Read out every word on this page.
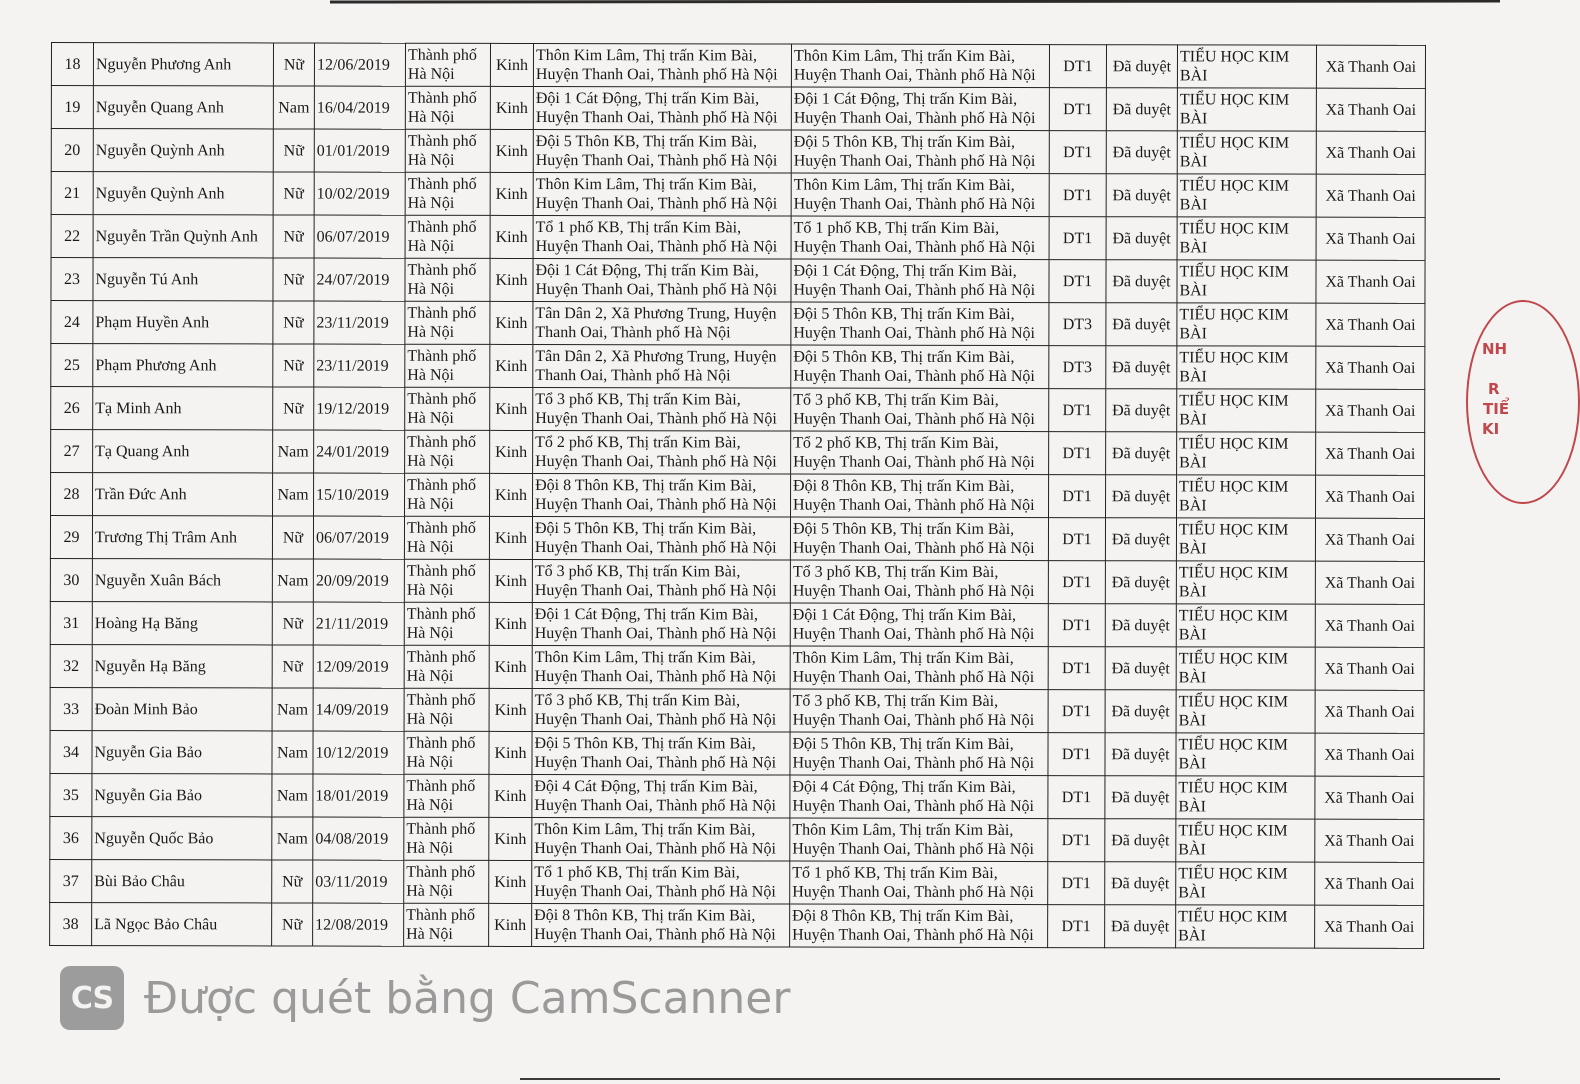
18	Nguyễn Phương Anh	Nữ	12/06/2019	Thành phố
Hà Nội	Kinh	Thôn Kim Lâm, Thị trấn Kim Bài,
Huyện Thanh Oai, Thành phố Hà Nội	Thôn Kim Lâm, Thị trấn Kim Bài,
Huyện Thanh Oai, Thành phố Hà Nội	DT1	Đã duyệt	TIỂU HỌC KIM
BÀI	Xã Thanh Oai
19	Nguyễn Quang Anh	Nam	16/04/2019	Thành phố
Hà Nội	Kinh	Đội 1 Cát Động, Thị trấn Kim Bài,
Huyện Thanh Oai, Thành phố Hà Nội	Đội 1 Cát Động, Thị trấn Kim Bài,
Huyện Thanh Oai, Thành phố Hà Nội	DT1	Đã duyệt	TIỂU HỌC KIM
BÀI	Xã Thanh Oai
20	Nguyễn Quỳnh Anh	Nữ	01/01/2019	Thành phố
Hà Nội	Kinh	Đội 5 Thôn KB, Thị trấn Kim Bài,
Huyện Thanh Oai, Thành phố Hà Nội	Đội 5 Thôn KB, Thị trấn Kim Bài,
Huyện Thanh Oai, Thành phố Hà Nội	DT1	Đã duyệt	TIỂU HỌC KIM
BÀI	Xã Thanh Oai
21	Nguyễn Quỳnh Anh	Nữ	10/02/2019	Thành phố
Hà Nội	Kinh	Thôn Kim Lâm, Thị trấn Kim Bài,
Huyện Thanh Oai, Thành phố Hà Nội	Thôn Kim Lâm, Thị trấn Kim Bài,
Huyện Thanh Oai, Thành phố Hà Nội	DT1	Đã duyệt	TIỂU HỌC KIM
BÀI	Xã Thanh Oai
22	Nguyễn Trần Quỳnh Anh	Nữ	06/07/2019	Thành phố
Hà Nội	Kinh	Tổ 1 phố KB, Thị trấn Kim Bài,
Huyện Thanh Oai, Thành phố Hà Nội	Tổ 1 phố KB, Thị trấn Kim Bài,
Huyện Thanh Oai, Thành phố Hà Nội	DT1	Đã duyệt	TIỂU HỌC KIM
BÀI	Xã Thanh Oai
23	Nguyễn Tú Anh	Nữ	24/07/2019	Thành phố
Hà Nội	Kinh	Đội 1 Cát Động, Thị trấn Kim Bài,
Huyện Thanh Oai, Thành phố Hà Nội	Đội 1 Cát Động, Thị trấn Kim Bài,
Huyện Thanh Oai, Thành phố Hà Nội	DT1	Đã duyệt	TIỂU HỌC KIM
BÀI	Xã Thanh Oai
24	Phạm Huyền Anh	Nữ	23/11/2019	Thành phố
Hà Nội	Kinh	Tân Dân 2, Xã Phương Trung, Huyện
Thanh Oai, Thành phố Hà Nội	Đội 5 Thôn KB, Thị trấn Kim Bài,
Huyện Thanh Oai, Thành phố Hà Nội	DT3	Đã duyệt	TIỂU HỌC KIM
BÀI	Xã Thanh Oai
25	Phạm Phương Anh	Nữ	23/11/2019	Thành phố
Hà Nội	Kinh	Tân Dân 2, Xã Phương Trung, Huyện
Thanh Oai, Thành phố Hà Nội	Đội 5 Thôn KB, Thị trấn Kim Bài,
Huyện Thanh Oai, Thành phố Hà Nội	DT3	Đã duyệt	TIỂU HỌC KIM
BÀI	Xã Thanh Oai
26	Tạ Minh Anh	Nữ	19/12/2019	Thành phố
Hà Nội	Kinh	Tổ 3 phố KB, Thị trấn Kim Bài,
Huyện Thanh Oai, Thành phố Hà Nội	Tổ 3 phố KB, Thị trấn Kim Bài,
Huyện Thanh Oai, Thành phố Hà Nội	DT1	Đã duyệt	TIỂU HỌC KIM
BÀI	Xã Thanh Oai
27	Tạ Quang Anh	Nam	24/01/2019	Thành phố
Hà Nội	Kinh	Tổ 2 phố KB, Thị trấn Kim Bài,
Huyện Thanh Oai, Thành phố Hà Nội	Tổ 2 phố KB, Thị trấn Kim Bài,
Huyện Thanh Oai, Thành phố Hà Nội	DT1	Đã duyệt	TIỂU HỌC KIM
BÀI	Xã Thanh Oai
28	Trần Đức Anh	Nam	15/10/2019	Thành phố
Hà Nội	Kinh	Đội 8 Thôn KB, Thị trấn Kim Bài,
Huyện Thanh Oai, Thành phố Hà Nội	Đội 8 Thôn KB, Thị trấn Kim Bài,
Huyện Thanh Oai, Thành phố Hà Nội	DT1	Đã duyệt	TIỂU HỌC KIM
BÀI	Xã Thanh Oai
29	Trương Thị Trâm Anh	Nữ	06/07/2019	Thành phố
Hà Nội	Kinh	Đội 5 Thôn KB, Thị trấn Kim Bài,
Huyện Thanh Oai, Thành phố Hà Nội	Đội 5 Thôn KB, Thị trấn Kim Bài,
Huyện Thanh Oai, Thành phố Hà Nội	DT1	Đã duyệt	TIỂU HỌC KIM
BÀI	Xã Thanh Oai
30	Nguyễn Xuân Bách	Nam	20/09/2019	Thành phố
Hà Nội	Kinh	Tổ 3 phố KB, Thị trấn Kim Bài,
Huyện Thanh Oai, Thành phố Hà Nội	Tổ 3 phố KB, Thị trấn Kim Bài,
Huyện Thanh Oai, Thành phố Hà Nội	DT1	Đã duyệt	TIỂU HỌC KIM
BÀI	Xã Thanh Oai
31	Hoàng Hạ Băng	Nữ	21/11/2019	Thành phố
Hà Nội	Kinh	Đội 1 Cát Động, Thị trấn Kim Bài,
Huyện Thanh Oai, Thành phố Hà Nội	Đội 1 Cát Động, Thị trấn Kim Bài,
Huyện Thanh Oai, Thành phố Hà Nội	DT1	Đã duyệt	TIỂU HỌC KIM
BÀI	Xã Thanh Oai
32	Nguyễn Hạ Băng	Nữ	12/09/2019	Thành phố
Hà Nội	Kinh	Thôn Kim Lâm, Thị trấn Kim Bài,
Huyện Thanh Oai, Thành phố Hà Nội	Thôn Kim Lâm, Thị trấn Kim Bài,
Huyện Thanh Oai, Thành phố Hà Nội	DT1	Đã duyệt	TIỂU HỌC KIM
BÀI	Xã Thanh Oai
33	Đoàn Minh Bảo	Nam	14/09/2019	Thành phố
Hà Nội	Kinh	Tổ 3 phố KB, Thị trấn Kim Bài,
Huyện Thanh Oai, Thành phố Hà Nội	Tổ 3 phố KB, Thị trấn Kim Bài,
Huyện Thanh Oai, Thành phố Hà Nội	DT1	Đã duyệt	TIỂU HỌC KIM
BÀI	Xã Thanh Oai
34	Nguyễn Gia Bảo	Nam	10/12/2019	Thành phố
Hà Nội	Kinh	Đội 5 Thôn KB, Thị trấn Kim Bài,
Huyện Thanh Oai, Thành phố Hà Nội	Đội 5 Thôn KB, Thị trấn Kim Bài,
Huyện Thanh Oai, Thành phố Hà Nội	DT1	Đã duyệt	TIỂU HỌC KIM
BÀI	Xã Thanh Oai
35	Nguyễn Gia Bảo	Nam	18/01/2019	Thành phố
Hà Nội	Kinh	Đội 4 Cát Động, Thị trấn Kim Bài,
Huyện Thanh Oai, Thành phố Hà Nội	Đội 4 Cát Động, Thị trấn Kim Bài,
Huyện Thanh Oai, Thành phố Hà Nội	DT1	Đã duyệt	TIỂU HỌC KIM
BÀI	Xã Thanh Oai
36	Nguyễn Quốc Bảo	Nam	04/08/2019	Thành phố
Hà Nội	Kinh	Thôn Kim Lâm, Thị trấn Kim Bài,
Huyện Thanh Oai, Thành phố Hà Nội	Thôn Kim Lâm, Thị trấn Kim Bài,
Huyện Thanh Oai, Thành phố Hà Nội	DT1	Đã duyệt	TIỂU HỌC KIM
BÀI	Xã Thanh Oai
37	Bùi Bảo Châu	Nữ	03/11/2019	Thành phố
Hà Nội	Kinh	Tổ 1 phố KB, Thị trấn Kim Bài,
Huyện Thanh Oai, Thành phố Hà Nội	Tổ 1 phố KB, Thị trấn Kim Bài,
Huyện Thanh Oai, Thành phố Hà Nội	DT1	Đã duyệt	TIỂU HỌC KIM
BÀI	Xã Thanh Oai
38	Lã Ngọc Bảo Châu	Nữ	12/08/2019	Thành phố
Hà Nội	Kinh	Đội 8 Thôn KB, Thị trấn Kim Bài,
Huyện Thanh Oai, Thành phố Hà Nội	Đội 8 Thôn KB, Thị trấn Kim Bài,
Huyện Thanh Oai, Thành phố Hà Nội	DT1	Đã duyệt	TIỂU HỌC KIM
BÀI	Xã Thanh Oai
NH
R
TIỂ
KI
CS Được quét bằng CamScanner
